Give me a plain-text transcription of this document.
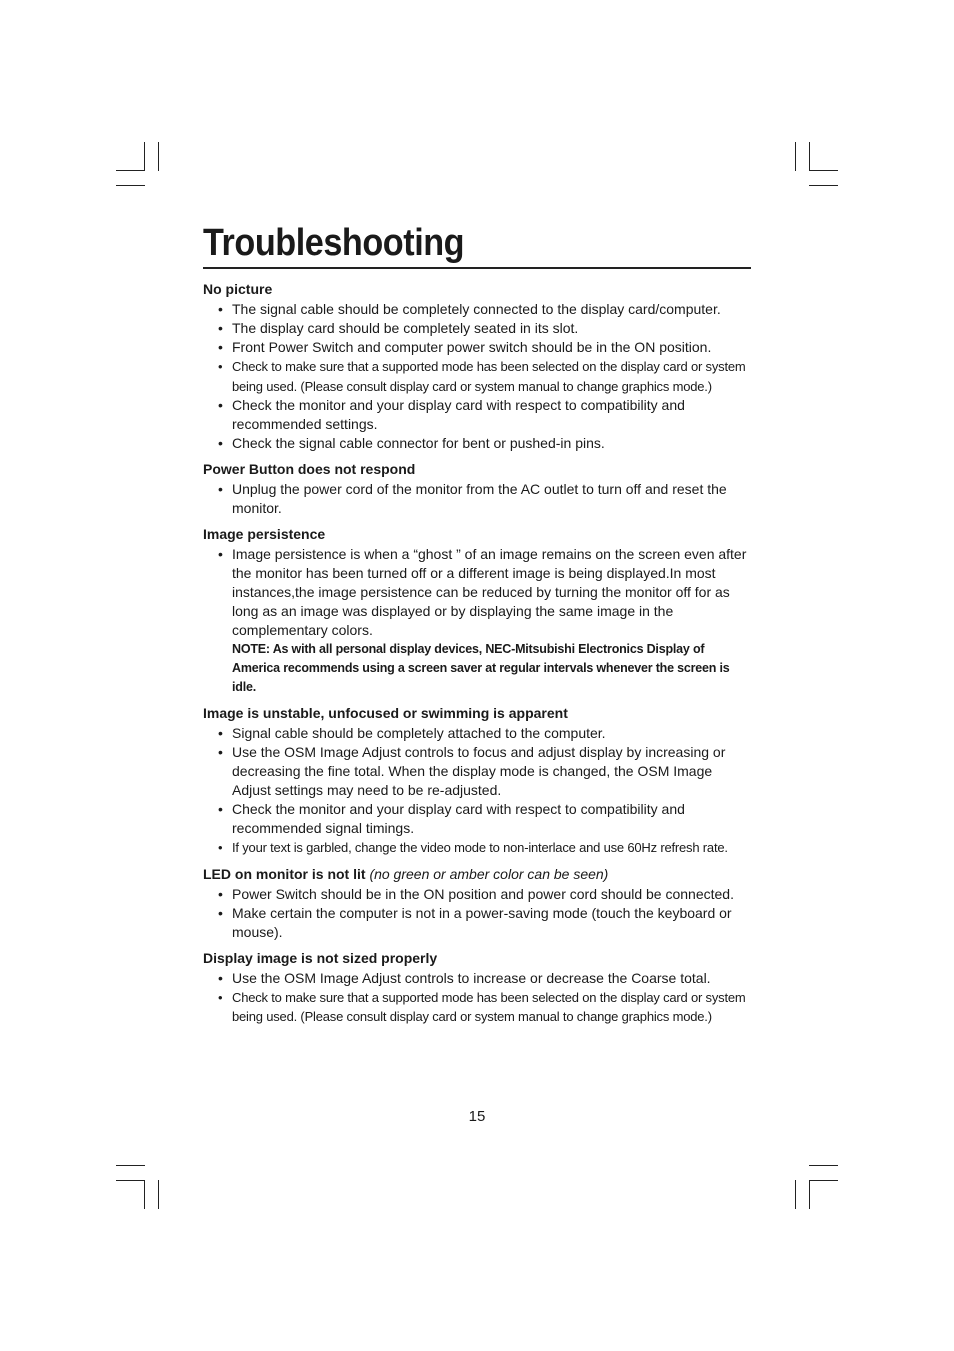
Troubleshooting

No picture

• The signal cable should be completely connected to the display card/computer.
• The display card should be completely seated in its slot.
• Front Power Switch and computer power switch should be in the ON position.
• Check to make sure that a supported mode has been selected on the display card or system being used. (Please consult display card or system manual to change graphics mode.)
• Check the monitor and your display card with respect to compatibility and recommended settings.
• Check the signal cable connector for bent or pushed-in pins.

Power Button does not respond

• Unplug the power cord of the monitor from the AC outlet to turn off and reset the monitor.

Image persistence

• Image persistence is when a “ghost ” of an image remains on the screen even after the monitor has been turned off or a different image is being displayed.In most instances,the image persistence can be reduced by turning the monitor off for as long as an image was displayed or by displaying the same image in the complementary colors.
NOTE: As with all personal display devices, NEC-Mitsubishi Electronics Display of America recommends using a screen saver at regular intervals whenever the screen is idle.

Image is unstable, unfocused or swimming is apparent

• Signal cable should be completely attached to the computer.
• Use the OSM Image Adjust controls to focus and adjust display by increasing or decreasing the fine total. When the display mode is changed, the OSM Image Adjust settings may need to be re-adjusted.
• Check the monitor and your display card with respect to compatibility and recommended signal timings.
• If your text is garbled, change the video mode to non-interlace and use 60Hz refresh rate.

LED on monitor is not lit (no green or amber color can be seen)

• Power Switch should be in the ON position and power cord should be connected.
• Make certain the computer is not in a power-saving mode (touch the keyboard or mouse).

Display image is not sized properly

• Use the OSM Image Adjust controls to increase or decrease the Coarse total.
• Check to make sure that a supported mode has been selected on the display card or system being used. (Please consult display card or system manual to change graphics mode.)
15
